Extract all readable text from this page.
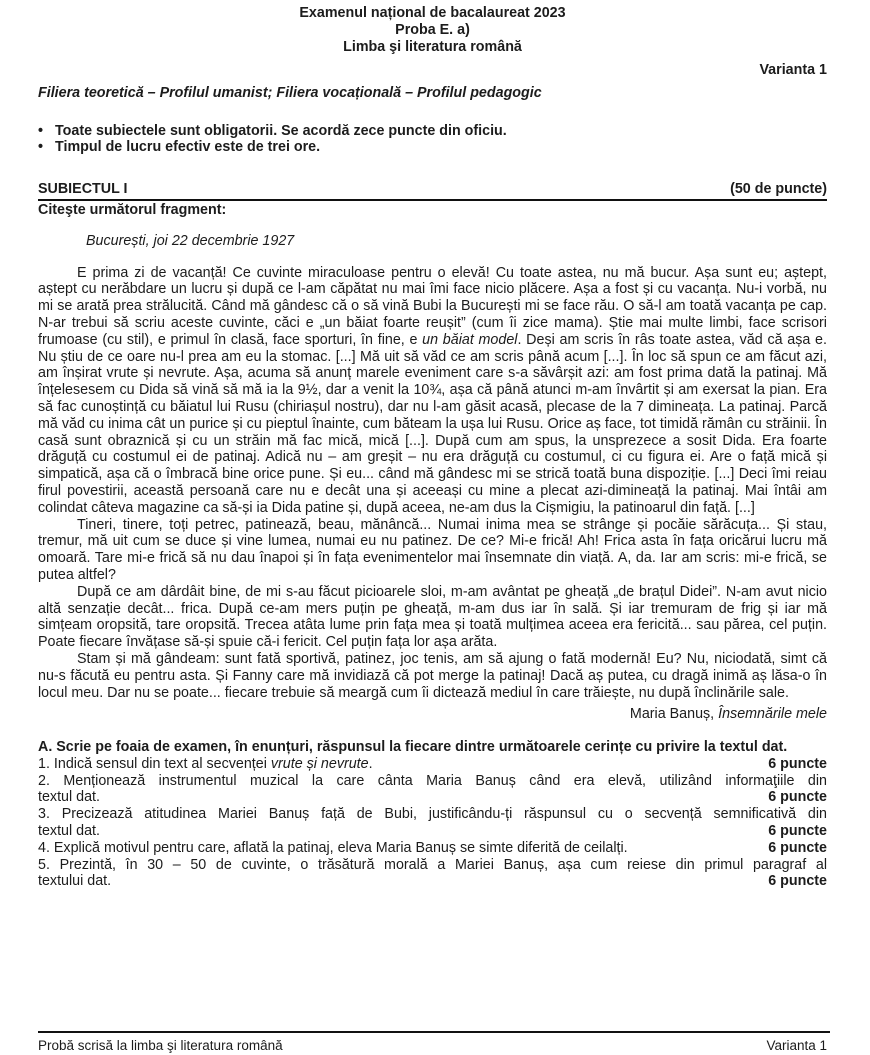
Examenul național de bacalaureat 2023
Proba E. a)
Limba şi literatura română
Varianta 1
Filiera teoretică – Profilul umanist; Filiera vocațională – Profilul pedagogic
• Toate subiectele sunt obligatorii. Se acordă zece puncte din oficiu.
• Timpul de lucru efectiv este de trei ore.
SUBIECTUL I	(50 de puncte)
Citeşte următorul fragment:
București, joi 22 decembrie 1927

E prima zi de vacanță! Ce cuvinte miraculoase pentru o elevă! Cu toate astea, nu mă bucur. Așa sunt eu; aștept, aștept cu nerăbdare un lucru și după ce l-am căpătat nu mai îmi face nicio plăcere. Așa a fost și cu vacanța. Nu-i vorbă, nu mi se arată prea strălucită. Când mă gândesc că o să vină Bubi la București mi se face rău. O să-l am toată vacanța pe cap. N-ar trebui să scriu aceste cuvinte, căci e „un băiat foarte reușit” (cum îi zice mama). Știe mai multe limbi, face scrisori frumoase (cu stil), e primul în clasă, face sporturi, în fine, e un băiat model. Deși am scris în râs toate astea, văd că așa e. Nu știu de ce oare nu-l prea am eu la stomac. [...] Mă uit să văd ce am scris până acum [...]. În loc să spun ce am făcut azi, am înșirat vrute și nevrute. Așa, acuma să anunț marele eveniment care s-a săvârșit azi: am fost prima dată la patinaj. Mă înțelesesem cu Dida să vină să mă ia la 9½, dar a venit la 10¾, așa că până atunci m-am învârtit și am exersat la pian. Era să fac cunoștință cu băiatul lui Rusu (chiriașul nostru), dar nu l-am găsit acasă, plecase de la 7 dimineața. La patinaj. Parcă mă văd cu inima cât un purice și cu pieptul înainte, cum băteam la ușa lui Rusu. Orice aș face, tot timidă rămân cu străinii. În casă sunt obraznică și cu un străin mă fac mică, mică [...]. După cum am spus, la unsprezece a sosit Dida. Era foarte drăguță cu costumul ei de patinaj. Adică nu – am greșit – nu era drăguță cu costumul, ci cu figura ei. Are o față mică și simpatică, așa că o îmbracă bine orice pune. Și eu... când mă gândesc mi se strică toată buna dispoziție. [...] Deci îmi reiau firul povestirii, această persoană care nu e decât una și aceeași cu mine a plecat azi-dimineață la patinaj. Mai întâi am colindat câteva magazine ca să-și ia Dida patine și, după aceea, ne-am dus la Cișmigiu, la patinoarul din față. [...]

Tineri, tinere, toți petrec, patinează, beau, mănâncă... Numai inima mea se strânge și pocăie sărăcuța... Și stau, tremur, mă uit cum se duce și vine lumea, numai eu nu patinez. De ce? Mi-e frică! Ah! Frica asta în fața oricărui lucru mă omoară. Tare mi-e frică să nu dau înapoi și în fața evenimentelor mai însemnate din viață. A, da. Iar am scris: mi-e frică, se putea altfel?

După ce am dârdâit bine, de mi s-au făcut picioarele sloi, m-am avântat pe gheață „de brațul Didei”. N-am avut nicio altă senzație decât... frica. După ce-am mers puțin pe gheață, m-am dus iar în sală. Și iar tremuram de frig și iar mă simțeam oropsită, tare oropsită. Trecea atâta lume prin fața mea și toată mulțimea aceea era fericită... sau părea, cel puțin. Poate fiecare învățase să-și spuie că-i fericit. Cel puțin fața lor așa arăta.

Stam și mă gândeam: sunt fată sportivă, patinez, joc tenis, am să ajung o fată modernă! Eu? Nu, niciodată, simt că nu-s făcută eu pentru asta. Și Fanny care mă invidiază că pot merge la patinaj! Dacă aș putea, cu dragă inimă aș lăsa-o în locul meu. Dar nu se poate... fiecare trebuie să meargă cum îi dictează mediul în care trăiește, nu după înclinările sale.

Maria Banuș, Însemnările mele
A. Scrie pe foaia de examen, în enunțuri, răspunsul la fiecare dintre următoarele cerințe cu privire la textul dat.
1. Indică sensul din text al secvenței vrute și nevrute.	6 puncte
2. Menționează instrumentul muzical la care cânta Maria Banuș când era elevă, utilizând informaţiile din
textul dat.	6 puncte
3. Precizează atitudinea Mariei Banuș față de Bubi, justificându-ți răspunsul cu o secvență semnificativă din
textul dat.	6 puncte
4. Explică motivul pentru care, aflată la patinaj, eleva Maria Banuș se simte diferită de ceilalți.	6 puncte
5. Prezintă, în 30 – 50 de cuvinte, o trăsătură morală a Mariei Banuș, așa cum reiese din primul paragraf al
textului dat.	6 puncte
Probă scrisă la limba şi literatura română	Varianta 1
